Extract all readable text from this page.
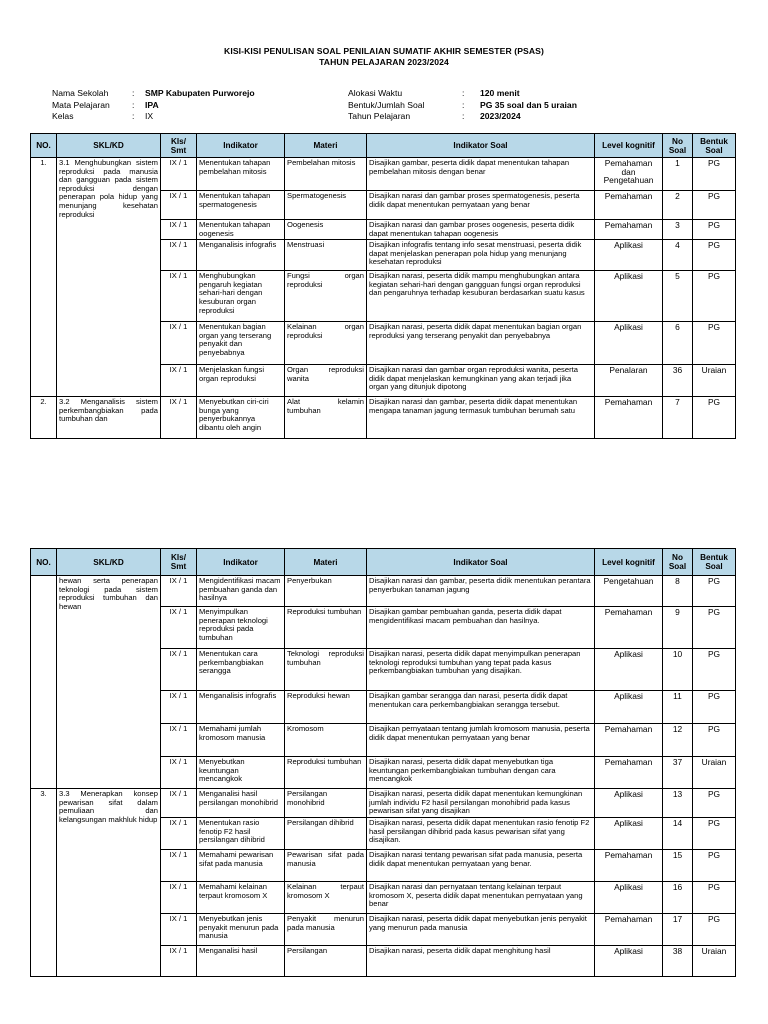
KISI-KISI PENULISAN SOAL PENILAIAN SUMATIF AKHIR SEMESTER (PSAS)
TAHUN PELAJARAN 2023/2024
Nama Sekolah	: SMP Kabupaten Purworejo
Mata Pelajaran	: IPA
Kelas	: IX
Alokasi Waktu	: 120 menit
Bentuk/Jumlah Soal	: PG 35 soal dan 5 uraian
Tahun Pelajaran	: 2023/2024
NO.	SKL/KD	Kls/ Smt	Indikator	Materi	Indikator Soal	Level kognitif	No Soal	Bentuk Soal
1.	3.1 Menghubungkan sistem reproduksi pada manusia dan gangguan pada sistem reproduksi dengan penerapan pola hidup yang menunjang kesehatan reproduksi	IX / 1	Menentukan tahapan pembelahan mitosis	Pembelahan mitosis	Disajikan gambar, peserta didik dapat menentukan tahapan pembelahan mitosis dengan benar	Pemahaman dan Pengetahuan	1	PG
		IX / 1	Menentukan tahapan spermatogenesis	Spermatogenesis	Disajikan narasi dan gambar proses spermatogenesis, peserta didik dapat menentukan pernyataan yang benar	Pemahaman	2	PG
		IX / 1	Menentukan tahapan oogenesis	Oogenesis	Disajikan narasi dan gambar proses oogenesis, peserta didik dapat menentukan tahapan oogenesis	Pemahaman	3	PG
		IX / 1	Menganalisis infografis	Menstruasi	Disajikan infografis tentang info sesat menstruasi, peserta didik dapat menjelaskan penerapan pola hidup yang menunjang kesehatan reproduksi	Aplikasi	4	PG
		IX / 1	Menghubungkan pengaruh kegiatan sehari-hari dengan kesuburan organ reproduksi	Fungsi organ reproduksi	Disajikan narasi, peserta didik mampu menghubungkan antara kegiatan sehari-hari dengan gangguan fungsi organ reproduksi dan pengaruhnya terhadap kesuburan berdasarkan suatu kasus	Aplikasi	5	PG
		IX / 1	Menentukan bagian organ yang terserang penyakit dan penyebabnya	Kelainan organ reproduksi	Disajikan narasi, peserta didik dapat menentukan bagian organ reproduksi yang terserang penyakit dan penyebabnya	Aplikasi	6	PG
		IX / 1	Menjelaskan fungsi organ reproduksi	Organ reproduksi wanita	Disajikan narasi dan gambar organ reproduksi wanita, peserta didik dapat menjelaskan kemungkinan yang akan terjadi jika organ yang ditunjuk dipotong	Penalaran	36	Uraian
2.	3.2 Menganalisis sistem perkembangbiakan pada tumbuhan dan	IX / 1	Menyebutkan ciri-ciri bunga yang penyerbukannya dibantu oleh angin	Alat kelamin tumbuhan	Disajikan narasi dan gambar, peserta didik dapat menentukan mengapa tanaman jagung termasuk tumbuhan berumah satu	Pemahaman	7	PG
NO.	SKL/KD	Kls/ Smt	Indikator	Materi	Indikator Soal	Level kognitif	No Soal	Bentuk Soal
	hewan serta penerapan teknologi pada sistem reproduksi tumbuhan dan hewan	IX / 1	Mengidentifikasi macam pembuahan ganda dan hasilnya	Penyerbukan	Disajikan narasi dan gambar, peserta didik menentukan perantara penyerbukan tanaman jagung	Pengetahuan	8	PG
		IX / 1	Menyimpulkan penerapan teknologi reproduksi pada tumbuhan	Reproduksi tumbuhan	Disajikan gambar pembuahan ganda, peserta didik dapat mengidentifikasi macam pembuahan dan hasilnya.	Pemahaman	9	PG
		IX / 1	Menentukan cara perkembangbiakan serangga	Teknologi reproduksi tumbuhan	Disajikan narasi, peserta didik dapat menyimpulkan penerapan teknologi reproduksi tumbuhan yang tepat pada kasus perkembangbiakan tumbuhan yang disajikan.	Aplikasi	10	PG
		IX / 1	Menganalisis infografis	Reproduksi hewan	Disajikan gambar serangga dan narasi, peserta didik dapat menentukan cara perkembangbiakan serangga tersebut.	Aplikasi	11	PG
		IX / 1	Memahami jumlah kromosom manusia	Kromosom	Disajikan pernyataan tentang jumlah kromosom manusia, peserta didik dapat menentukan pernyataan yang benar	Pemahaman	12	PG
		IX / 1	Menyebutkan keuntungan mencangkok	Reproduksi tumbuhan	Disajikan narasi, peserta didik dapat menyebutkan tiga keuntungan perkembangbiakan tumbuhan dengan cara mencangkok	Pemahaman	37	Uraian
3.	3.3 Menerapkan konsep pewarisan sifat dalam pemuliaan dan kelangsungan makhluk hidup	IX / 1	Menganalisi hasil persilangan monohibrid	Persilangan monohibrid	Disajikan narasi, peserta didik dapat menentukan kemungkinan jumlah individu F2 hasil persilangan monohibrid pada kasus pewarisan sifat yang disajikan	Aplikasi	13	PG
		IX / 1	Menentukan rasio fenotip F2 hasil persilangan dihibrid	Persilangan dihibrid	Disajikan narasi, peserta didik dapat menentukan rasio fenotip F2 hasil persilangan dihibrid pada kasus pewarisan sifat yang disajikan.	Aplikasi	14	PG
		IX / 1	Memahami pewarisan sifat pada manusia	Pewarisan sifat pada manusia	Disajikan narasi tentang pewarisan sifat pada manusia, peserta didik dapat menentukan pernyataan yang benar.	Pemahaman	15	PG
		IX / 1	Memahami kelainan terpaut kromosom X	Kelainan terpaut kromosom X	Disajikan narasi dan pernyataan tentang kelainan terpaut kromosom X, peserta didik dapat menentukan pernyataan yang benar	Aplikasi	16	PG
		IX / 1	Menyebutkan jenis penyakit menurun pada manusia	Penyakit menurun pada manusia	Disajikan narasi, peserta didik dapat menyebutkan jenis penyakit yang menurun pada manusia	Pemahaman	17	PG
		IX / 1	Menganalisi hasil	Persilangan	Disajikan narasi, peserta didik dapat menghitung hasil	Aplikasi	38	Uraian
